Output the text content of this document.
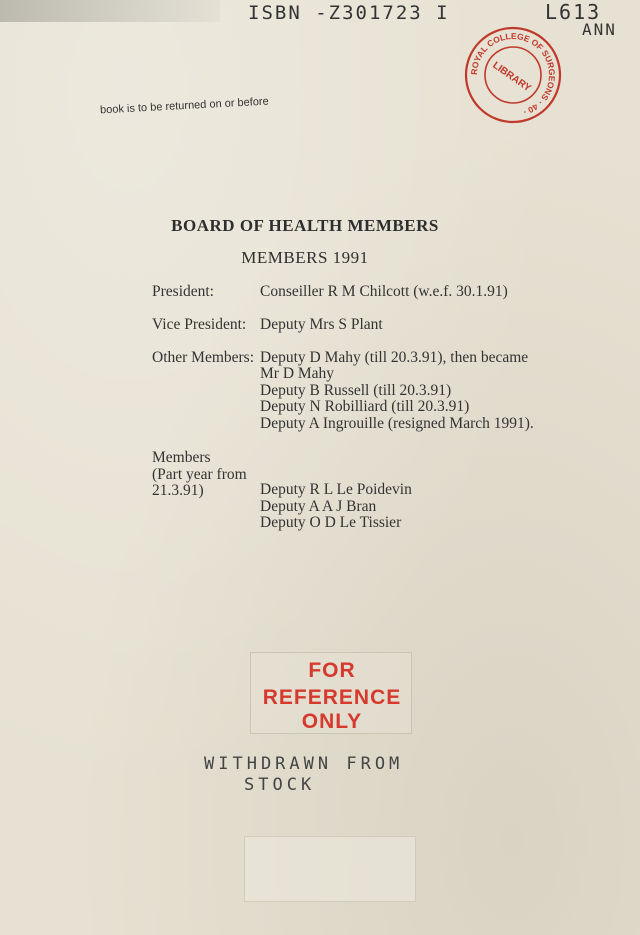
ISBN -Z301723 I	L613
ANN
book is to be returned on or before
ROYAL COLLEGE OF SURGEONS · 40 ·
LIBRARY
BOARD OF HEALTH MEMBERS
MEMBERS 1991
President:	Conseiller R M Chilcott (w.e.f. 30.1.91)
Vice President: Deputy Mrs S Plant
Other Members: Deputy D Mahy (till 20.3.91), then became
Mr D Mahy
Deputy B Russell (till 20.3.91)
Deputy N Robilliard (till 20.3.91)
Deputy A Ingrouille (resigned March 1991).
Members
(Part year from
21.3.91)	Deputy R L Le Poidevin
Deputy A A J Bran
Deputy O D Le Tissier
FOR
REFERENCE ONLY
WITHDRAWN FROM
STOCK
